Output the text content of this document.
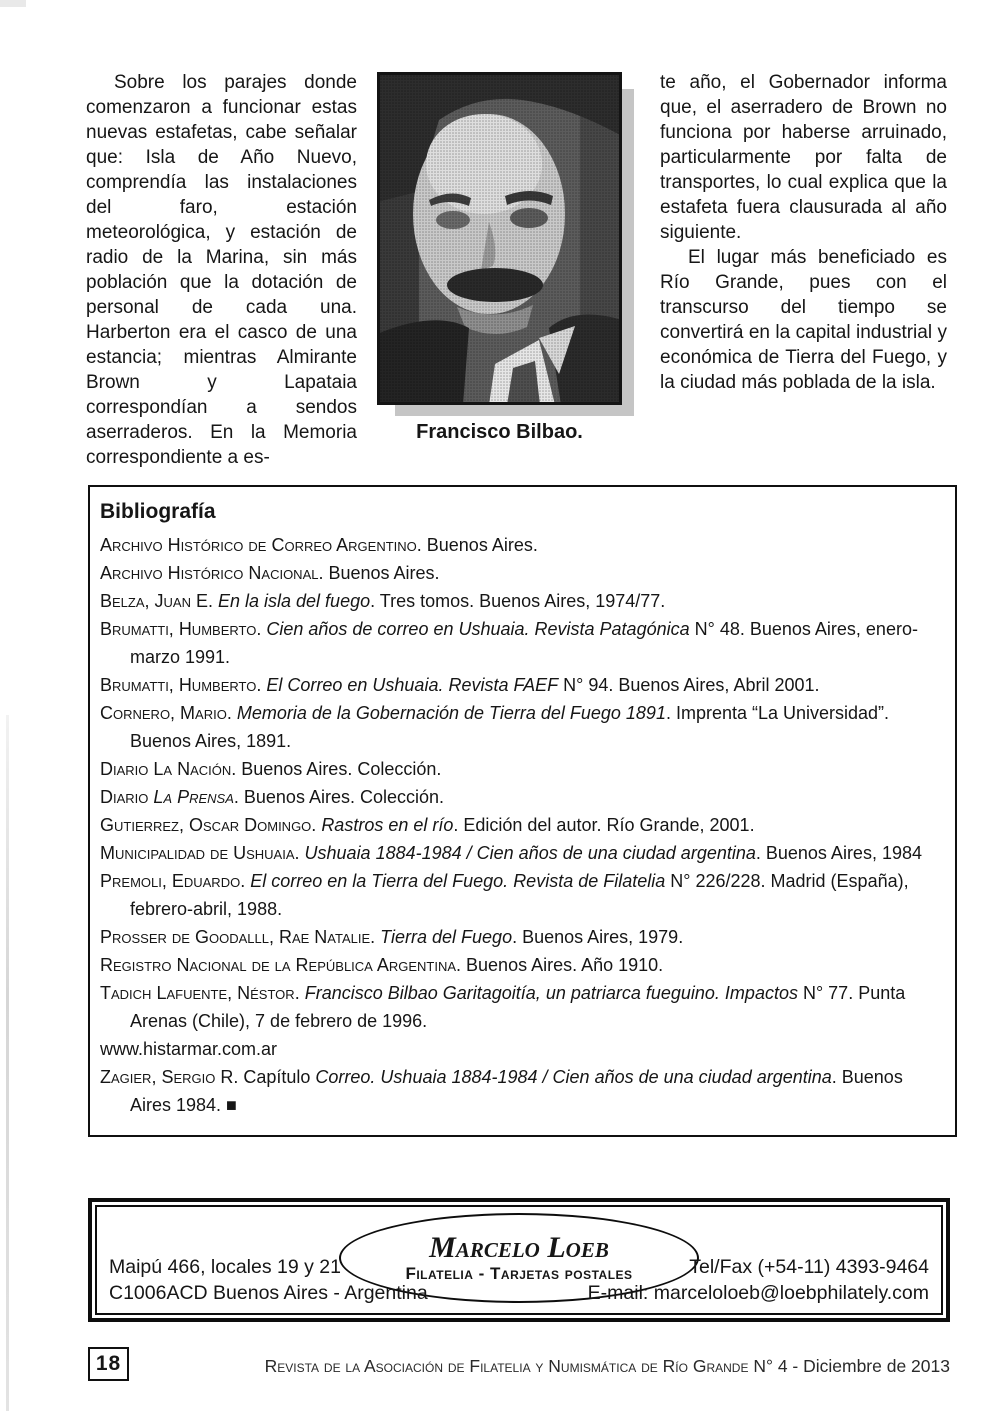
Sobre los parajes donde comenzaron a funcionar estas nuevas estafetas, cabe señalar que: Isla de Año Nuevo, comprendía las instalaciones del faro, estación meteorológica, y estación de radio de la Marina, sin más población que la dotación de personal de cada una. Harberton era el casco de una estancia; mientras Almirante Brown y Lapataia correspondían a sendos aserraderos. En la Memoria correspondiente a es-

Francisco Bilbao.

te año, el Gobernador informa que, el aserradero de Brown no funciona por haberse arruinado, particularmente por falta de transportes, lo cual explica que la estafeta fuera clausurada al año siguiente.

El lugar más beneficiado es Río Grande, pues con el transcurso del tiempo se convertirá en la capital industrial y económica de Tierra del Fuego, y la ciudad más poblada de la isla.

Bibliografía

Archivo Histórico de Correo Argentino. Buenos Aires.

Archivo Histórico Nacional. Buenos Aires.

Belza, Juan E. En la isla del fuego. Tres tomos. Buenos Aires, 1974/77.

Brumatti, Humberto. Cien años de correo en Ushuaia. Revista Patagónica N° 48. Buenos Aires, enero-marzo 1991.

Brumatti, Humberto. El Correo en Ushuaia. Revista FAEF N° 94. Buenos Aires, Abril 2001.

Cornero, Mario. Memoria de la Gobernación de Tierra del Fuego 1891. Imprenta “La Universidad”. Buenos Aires, 1891.

Diario La Nación. Buenos Aires. Colección.

Diario La Prensa. Buenos Aires. Colección.

Gutierrez, Oscar Domingo. Rastros en el río. Edición del autor. Río Grande, 2001.

Municipalidad de Ushuaia. Ushuaia 1884-1984 / Cien años de una ciudad argentina. Buenos Aires, 1984

Premoli, Eduardo. El correo en la Tierra del Fuego. Revista de Filatelia N° 226/228. Madrid (España), febrero-abril, 1988.

Prosser de Goodalll, Rae Natalie. Tierra del Fuego. Buenos Aires, 1979.

Registro Nacional de la República Argentina. Buenos Aires. Año 1910.

Tadich Lafuente, Néstor. Francisco Bilbao Garitagoitía, un patriarca fueguino. Impactos N° 77. Punta Arenas (Chile), 7 de febrero de 1996.

www.histarmar.com.ar

Zagier, Sergio R. Capítulo Correo. Ushuaia 1884-1984 / Cien años de una ciudad argentina. Buenos Aires 1984. ■

Marcelo Loeb
Filatelia - Tarjetas postales
Maipú 466, locales 19 y 21
C1006ACD Buenos Aires - Argentina
Tel/Fax (+54-11) 4393-9464
E-mail: marceloloeb@loebphilately.com
18	Revista de la Asociación de Filatelia y Numismática de Río Grande N° 4 - Diciembre de 2013
